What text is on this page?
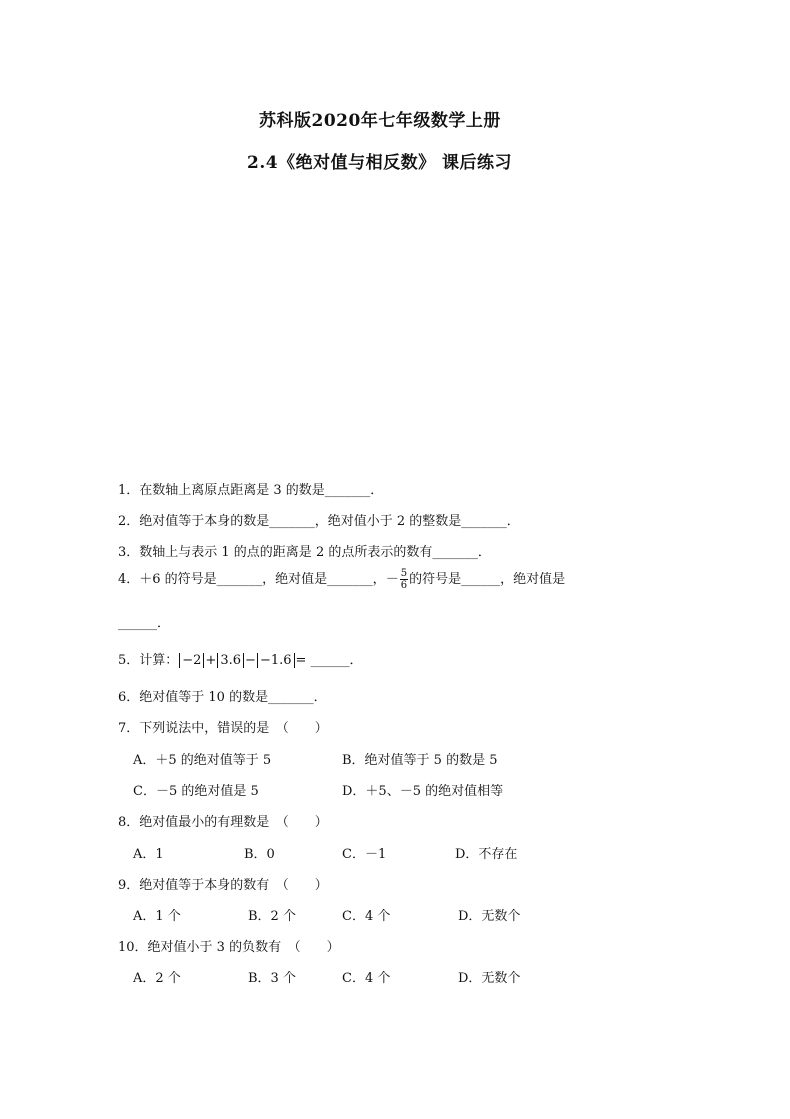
苏科版2020年七年级数学上册
2.4《绝对值与相反数》 课后练习
1．在数轴上离原点距离是 3 的数是_______．
2．绝对值等于本身的数是_______，绝对值小于 2 的整数是_______．
3．数轴上与表示 1 的点的距离是 2 的点所表示的数有_______．
4．＋6 的符号是_______，绝对值是_______，－ $\frac{5}{6}$ 的符号是______，绝对值是
______．
5．计算： −2 + 3.6 − −1.6 = ______．
6．绝对值等于 10 的数是_______．
7．下列说法中，错误的是　（　　）
A．＋5 的绝对值等于 5	B．绝对值等于 5 的数是 5
C．－5 的绝对值是 5	D．＋5、－5 的绝对值相等
8．绝对值最小的有理数是　（　　）
A．1	B．0	C．－1	D．不存在
9．绝对值等于本身的数有　（　　）
A．1 个	B．2 个	C．4 个	D．无数个
10．绝对值小于 3 的负数有　（　　）
A．2 个	B．3 个	C．4 个	D．无数个
